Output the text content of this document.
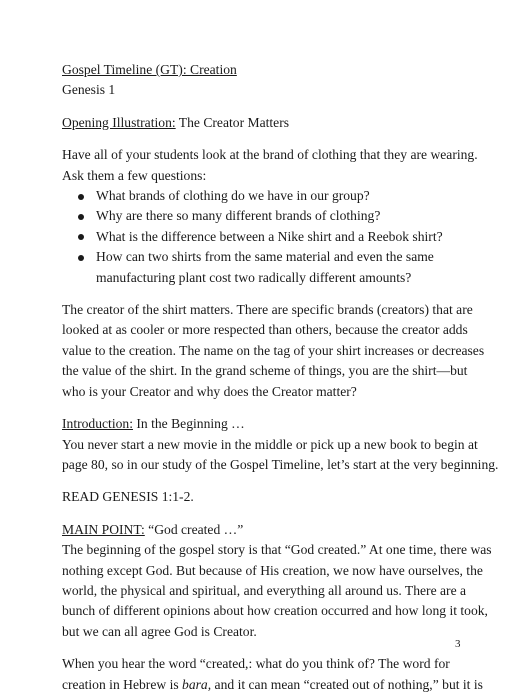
Gospel Timeline (GT): Creation
Genesis 1
Opening Illustration: The Creator Matters
Have all of your students look at the brand of clothing that they are wearing.
Ask them a few questions:
What brands of clothing do we have in our group?
Why are there so many different brands of clothing?
What is the difference between a Nike shirt and a Reebok shirt?
How can two shirts from the same material and even the same
manufacturing plant cost two radically different amounts?
The creator of the shirt matters. There are specific brands (creators) that are
looked at as cooler or more respected than others, because the creator adds
value to the creation. The name on the tag of your shirt increases or decreases
the value of the shirt. In the grand scheme of things, you are the shirt—but
who is your Creator and why does the Creator matter?
Introduction: In the Beginning …
You never start a new movie in the middle or pick up a new book to begin at
page 80, so in our study of the Gospel Timeline, let’s start at the very beginning.
READ GENESIS 1:1-2.
MAIN POINT: “God created …”
The beginning of the gospel story is that “God created.” At one time, there was
nothing except God. But because of His creation, we now have ourselves, the
world, the physical and spiritual, and everything all around us. There are a
bunch of different opinions about how creation occurred and how long it took,
but we can all agree God is Creator.
When you hear the word “created,: what do you think of? The word for
creation in Hebrew is bara, and it can mean “created out of nothing,” but it is
3
